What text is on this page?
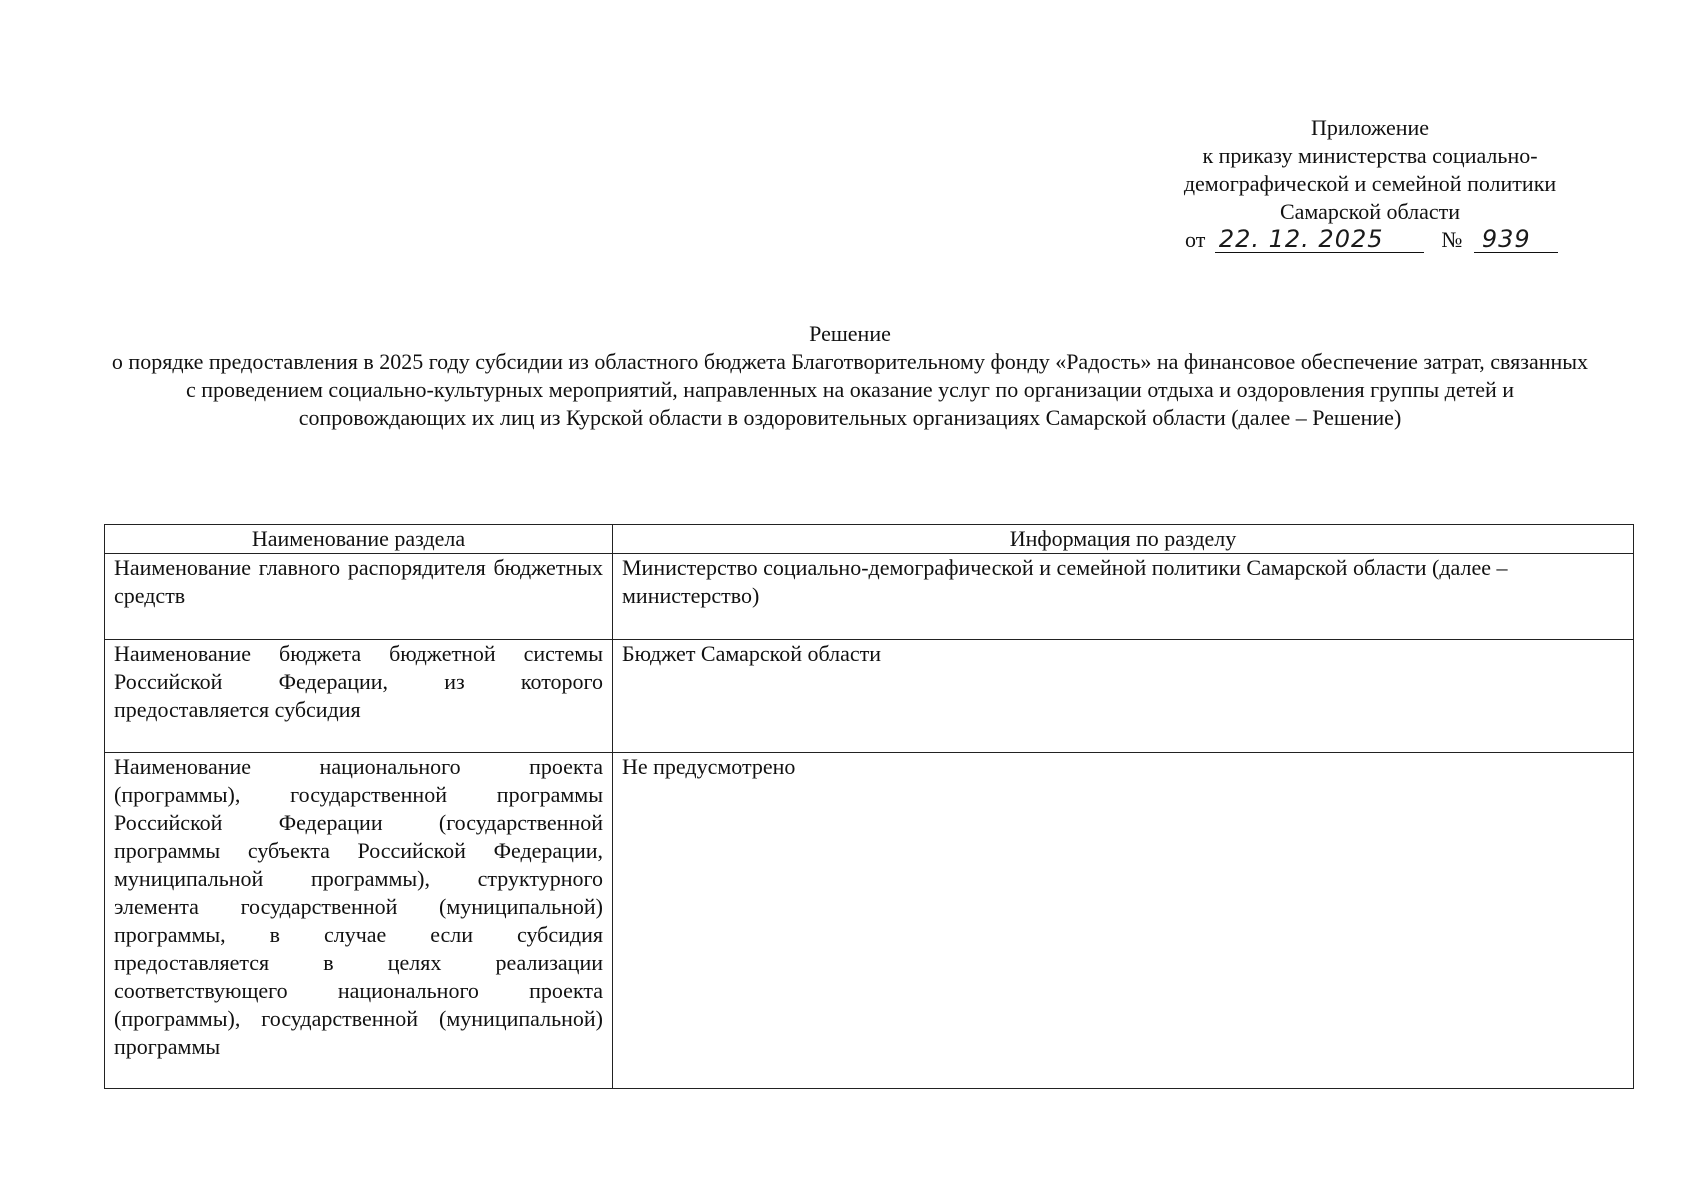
Приложение
к приказу министерства социально-
демографической и семейной политики
Самарской области
от 22. 12. 2025	№ 939
Решение
о порядке предоставления в 2025 году субсидии из областного бюджета Благотворительному фонду «Радость» на финансовое обеспечение затрат, связанных с проведением социально-культурных мероприятий, направленных на оказание услуг по организации отдыха и оздоровления группы детей и сопровождающих их лиц из Курской области в оздоровительных организациях Самарской области (далее – Решение)
Наименование раздела	Информация по разделу

Наименование главного распорядителя бюджетных средств	Министерство социально-демографической и семейной политики Самарской области (далее – министерство)

Наименование бюджета бюджетной системы Российской Федерации, из которого предоставляется субсидия	Бюджет Самарской области

Наименование национального проекта (программы), государственной программы Российской Федерации (государственной программы субъекта Российской Федерации, муниципальной программы), структурного элемента государственной (муниципальной) программы, в случае если субсидия предоставляется в целях реализации соответствующего национального проекта (программы), государственной (муниципальной) программы	Не предусмотрено
